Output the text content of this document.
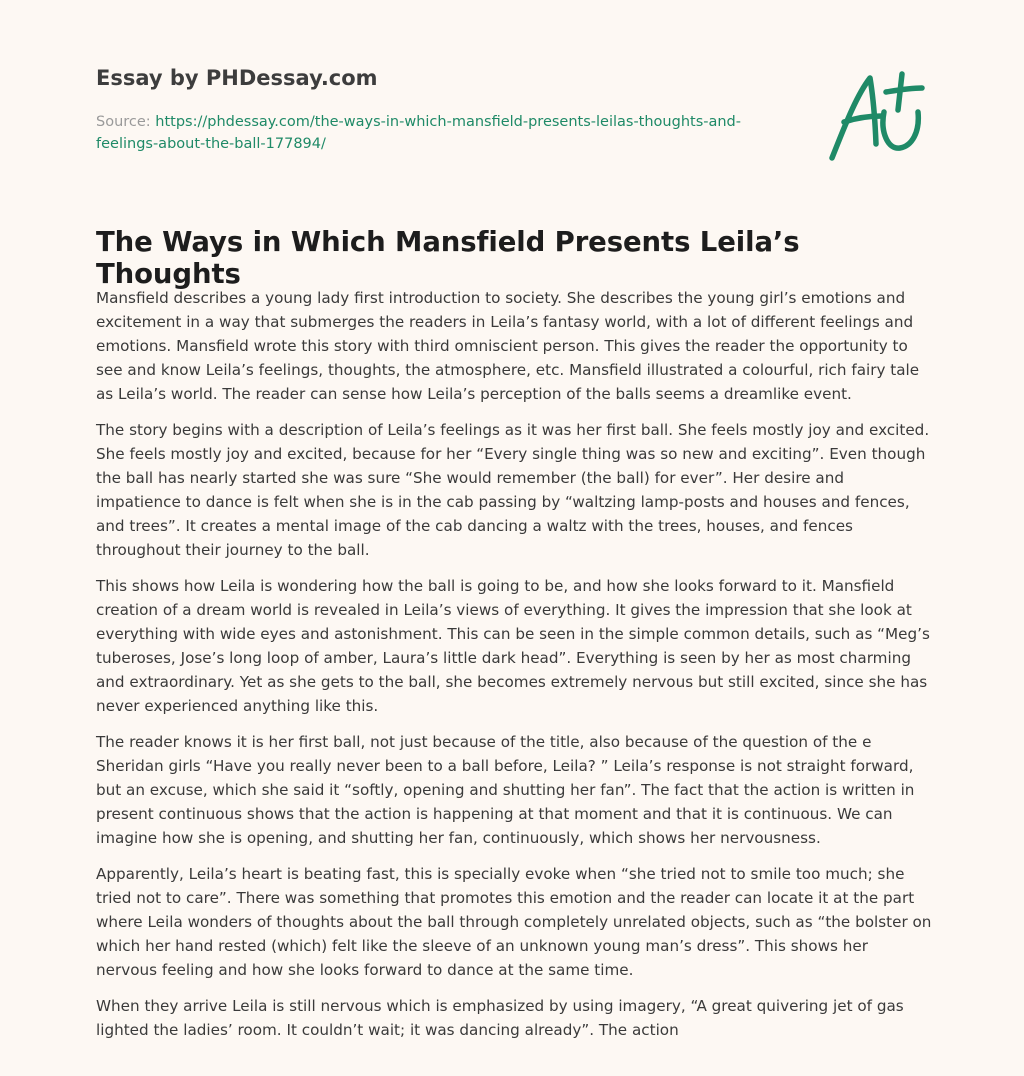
Essay by PHDessay.com
Source: https://phdessay.com/the-ways-in-which-mansfield-presents-leilas-thoughts-and-feelings-about-the-ball-177894/
The Ways in Which Mansfield Presents Leila’s Thoughts

Mansfield describes a young lady first introduction to society. She describes the young girl’s emotions and excitement in a way that submerges the readers in Leila’s fantasy world, with a lot of different feelings and emotions. Mansfield wrote this story with third omniscient person. This gives the reader the opportunity to see and know Leila’s feelings, thoughts, the atmosphere, etc. Mansfield illustrated a colourful, rich fairy tale as Leila’s world. The reader can sense how Leila’s perception of the balls seems a dreamlike event.

The story begins with a description of Leila’s feelings as it was her first ball. She feels mostly joy and excited. She feels mostly joy and excited, because for her “Every single thing was so new and exciting”. Even though the ball has nearly started she was sure “She would remember (the ball) for ever”. Her desire and impatience to dance is felt when she is in the cab passing by “waltzing lamp-posts and houses and fences, and trees”. It creates a mental image of the cab dancing a waltz with the trees, houses, and fences throughout their journey to the ball.

This shows how Leila is wondering how the ball is going to be, and how she looks forward to it. Mansfield creation of a dream world is revealed in Leila’s views of everything. It gives the impression that she look at everything with wide eyes and astonishment. This can be seen in the simple common details, such as “Meg’s tuberoses, Jose’s long loop of amber, Laura’s little dark head”. Everything is seen by her as most charming and extraordinary. Yet as she gets to the ball, she becomes extremely nervous but still excited, since she has never experienced anything like this.

The reader knows it is her first ball, not just because of the title, also because of the question of the e Sheridan girls “Have you really never been to a ball before, Leila? ” Leila’s response is not straight forward, but an excuse, which she said it “softly, opening and shutting her fan”. The fact that the action is written in present continuous shows that the action is happening at that moment and that it is continuous. We can imagine how she is opening, and shutting her fan, continuously, which shows her nervousness.

Apparently, Leila’s heart is beating fast, this is specially evoke when “she tried not to smile too much; she tried not to care”. There was something that promotes this emotion and the reader can locate it at the part where Leila wonders of thoughts about the ball through completely unrelated objects, such as “the bolster on which her hand rested (which) felt like the sleeve of an unknown young man’s dress”. This shows her nervous feeling and how she looks forward to dance at the same time.

When they arrive Leila is still nervous which is emphasized by using imagery, “A great quivering jet of gas lighted the ladies’ room. It couldn’t wait; it was dancing already”. The action
